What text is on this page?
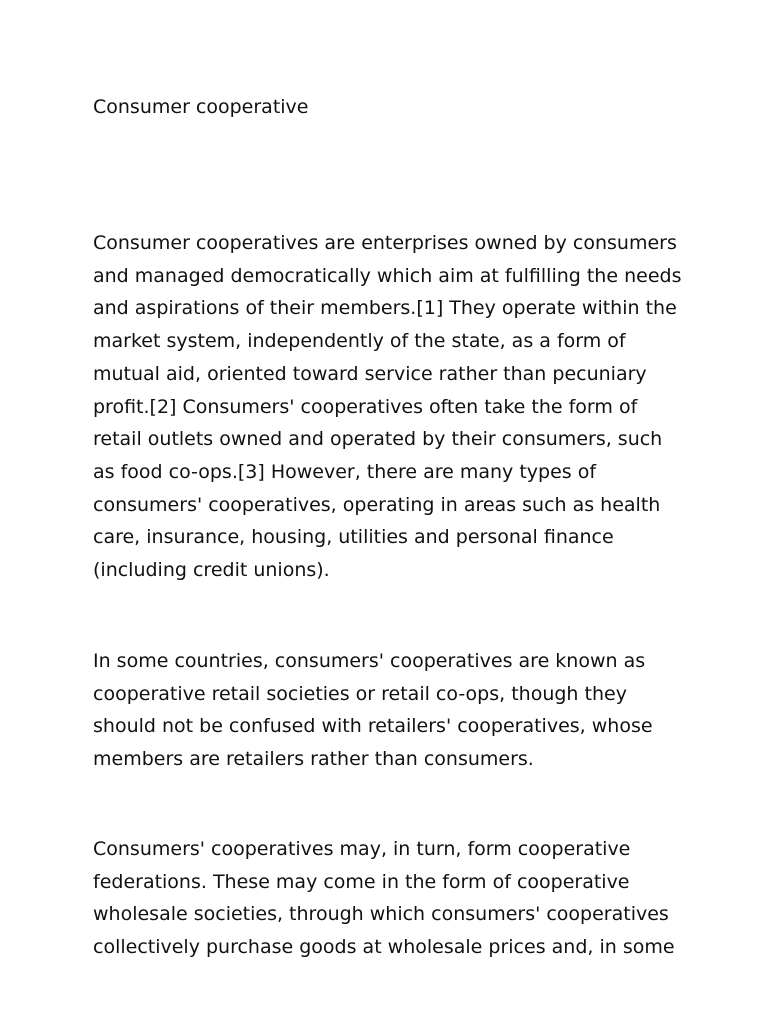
Consumer cooperative

Consumer cooperatives are enterprises owned by consumers
and managed democratically which aim at fulfilling the needs
and aspirations of their members.[1] They operate within the
market system, independently of the state, as a form of
mutual aid, oriented toward service rather than pecuniary
profit.[2] Consumers' cooperatives often take the form of
retail outlets owned and operated by their consumers, such
as food co-ops.[3] However, there are many types of
consumers' cooperatives, operating in areas such as health
care, insurance, housing, utilities and personal finance
(including credit unions).

In some countries, consumers' cooperatives are known as
cooperative retail societies or retail co-ops, though they
should not be confused with retailers' cooperatives, whose
members are retailers rather than consumers.

Consumers' cooperatives may, in turn, form cooperative
federations. These may come in the form of cooperative
wholesale societies, through which consumers' cooperatives
collectively purchase goods at wholesale prices and, in some
